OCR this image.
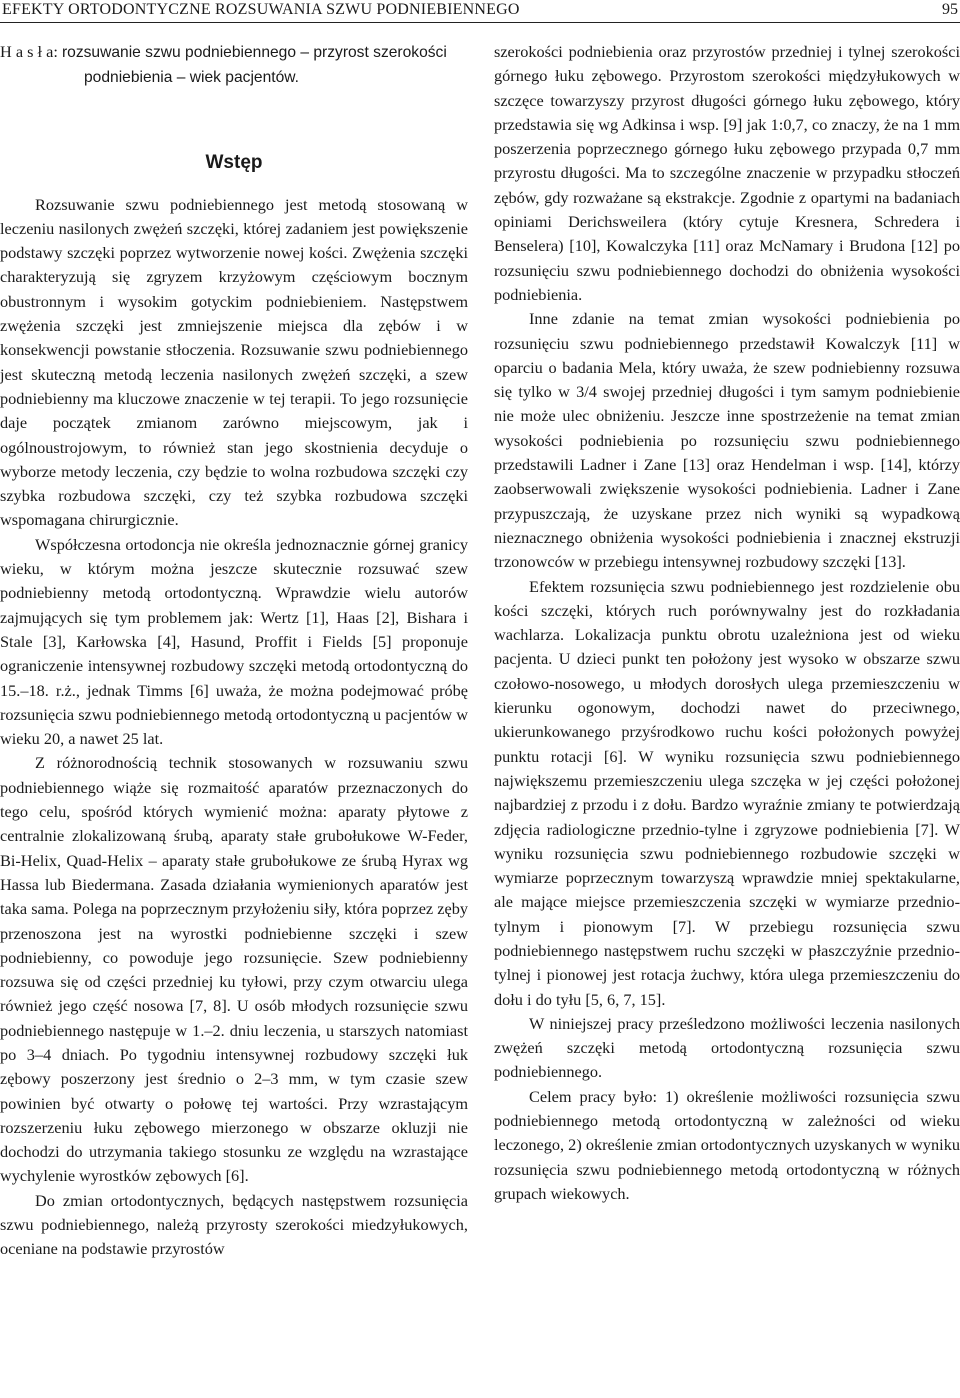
EFEKTY ORTODONTYCZNE ROZSUWANIA SZWU PODNIEBIENNEGO	95

H a s ł a: rozsuwanie szwu podniebiennego – przyrost szerokości podniebienia – wiek pacjentów.

Wstęp

Rozsuwanie szwu podniebiennego jest metodą stosowaną w leczeniu nasilonych zwężeń szczęki, której zadaniem jest powiększenie podstawy szczęki poprzez wytworzenie nowej kości. Zwężenia szczęki charakteryzują się zgryzem krzyżowym częściowym bocznym obustronnym i wysokim gotyckim podniebieniem. Następstwem zwężenia szczęki jest zmniejszenie miejsca dla zębów i w konsekwencji powstanie stłoczenia. Rozsuwanie szwu podniebiennego jest skuteczną metodą leczenia nasilonych zwężeń szczęki, a szew podniebienny ma kluczowe znaczenie w tej terapii. To jego rozsunięcie daje początek zmianom zarówno miejscowym, jak i ogólnoustrojowym, to również stan jego skostnienia decyduje o wyborze metody leczenia, czy będzie to wolna rozbudowa szczęki czy szybka rozbudowa szczęki, czy też szybka rozbudowa szczęki wspomagana chirurgicznie.

Współczesna ortodoncja nie określa jednoznacznie górnej granicy wieku, w którym można jeszcze skutecznie rozsuwać szew podniebienny metodą ortodontyczną. Wprawdzie wielu autorów zajmujących się tym problemem jak: Wertz [1], Haas [2], Bishara i Stale [3], Karłowska [4], Hasund, Proffit i Fields [5] proponuje ograniczenie intensywnej rozbudowy szczęki metodą ortodontyczną do 15.–18. r.ż., jednak Timms [6] uważa, że można podejmować próbę rozsunięcia szwu podniebiennego metodą ortodontyczną u pacjentów w wieku 20, a nawet 25 lat.

Z różnorodnością technik stosowanych w rozsuwaniu szwu podniebiennego wiąże się rozmaitość aparatów przeznaczonych do tego celu, spośród których wymienić można: aparaty płytowe z centralnie zlokalizowaną śrubą, aparaty stałe grubołukowe W-Feder, Bi-Helix, Quad-Helix – aparaty stałe grubołukowe ze śrubą Hyrax wg Hassa lub Biedermana. Zasada działania wymienionych aparatów jest taka sama. Polega na poprzecznym przyłożeniu siły, która poprzez zęby przenoszona jest na wyrostki podniebienne szczęki i szew podniebienny, co powoduje jego rozsunięcie. Szew podniebienny rozsuwa się od części przedniej ku tyłowi, przy czym otwarciu ulega również jego część nosowa [7, 8]. U osób młodych rozsunięcie szwu podniebiennego następuje w 1.–2. dniu leczenia, u starszych natomiast po 3–4 dniach. Po tygodniu intensywnej rozbudowy szczęki łuk zębowy poszerzony jest średnio o 2–3 mm, w tym czasie szew powinien być otwarty o połowę tej wartości. Przy wzrastającym rozszerzeniu łuku zębowego mierzonego w obszarze okluzji nie dochodzi do utrzymania takiego stosunku ze względu na wzrastające wychylenie wyrostków zębowych [6].

Do zmian ortodontycznych, będących następstwem rozsunięcia szwu podniebiennego, należą przyrosty szerokości miedzyłukowych, oceniane na podstawie przyrostów

szerokości podniebienia oraz przyrostów przedniej i tylnej szerokości górnego łuku zębowego. Przyrostom szerokości międzyłukowych w szczęce towarzyszy przyrost długości górnego łuku zębowego, który przedstawia się wg Adkinsa i wsp. [9] jak 1:0,7, co znaczy, że na 1 mm poszerzenia poprzecznego górnego łuku zębowego przypada 0,7 mm przyrostu długości. Ma to szczególne znaczenie w przypadku stłoczeń zębów, gdy rozważane są ekstrakcje. Zgodnie z opartymi na badaniach opiniami Derichsweilera (który cytuje Kresnera, Schredera i Benselera) [10], Kowalczyka [11] oraz McNamary i Brudona [12] po rozsunięciu szwu podniebiennego dochodzi do obniżenia wysokości podniebienia.

Inne zdanie na temat zmian wysokości podniebienia po rozsunięciu szwu podniebiennego przedstawił Kowalczyk [11] w oparciu o badania Mela, który uważa, że szew podniebienny rozsuwa się tylko w 3/4 swojej przedniej długości i tym samym podniebienie nie może ulec obniżeniu. Jeszcze inne spostrzeżenie na temat zmian wysokości podniebienia po rozsunięciu szwu podniebiennego przedstawili Ladner i Zane [13] oraz Hendelman i wsp. [14], którzy zaobserwowali zwiększenie wysokości podniebienia. Ladner i Zane przypuszczają, że uzyskane przez nich wyniki są wypadkową nieznacznego obniżenia wysokości podniebienia i znacznej ekstruzji trzonowców w przebiegu intensywnej rozbudowy szczęki [13].

Efektem rozsunięcia szwu podniebiennego jest rozdzielenie obu kości szczęki, których ruch porównywalny jest do rozkładania wachlarza. Lokalizacja punktu obrotu uzależniona jest od wieku pacjenta. U dzieci punkt ten położony jest wysoko w obszarze szwu czołowo-nosowego, u młodych dorosłych ulega przemieszczeniu w kierunku ogonowym, dochodzi nawet do przeciwnego, ukierunkowanego przyśrodkowo ruchu kości położonych powyżej punktu rotacji [6]. W wyniku rozsunięcia szwu podniebiennego największemu przemieszczeniu ulega szczęka w jej części położonej najbardziej z przodu i z dołu. Bardzo wyraźnie zmiany te potwierdzają zdjęcia radiologiczne przednio-tylne i zgryzowe podniebienia [7]. W wyniku rozsunięcia szwu podniebiennego rozbudowie szczęki w wymiarze poprzecznym towarzyszą wprawdzie mniej spektakularne, ale mające miejsce przemieszczenia szczęki w wymiarze przednio-tylnym i pionowym [7]. W przebiegu rozsunięcia szwu podniebiennego następstwem ruchu szczęki w płaszczyźnie przednio-tylnej i pionowej jest rotacja żuchwy, która ulega przemieszczeniu do dołu i do tyłu [5, 6, 7, 15].

W niniejszej pracy prześledzono możliwości leczenia nasilonych zwężeń szczęki metodą ortodontyczną rozsunięcia szwu podniebiennego.

Celem pracy było: 1) określenie możliwości rozsunięcia szwu podniebiennego metodą ortodontyczną w zależności od wieku leczonego, 2) określenie zmian ortodontycznych uzyskanych w wyniku rozsunięcia szwu podniebiennego metodą ortodontyczną w różnych grupach wiekowych.
